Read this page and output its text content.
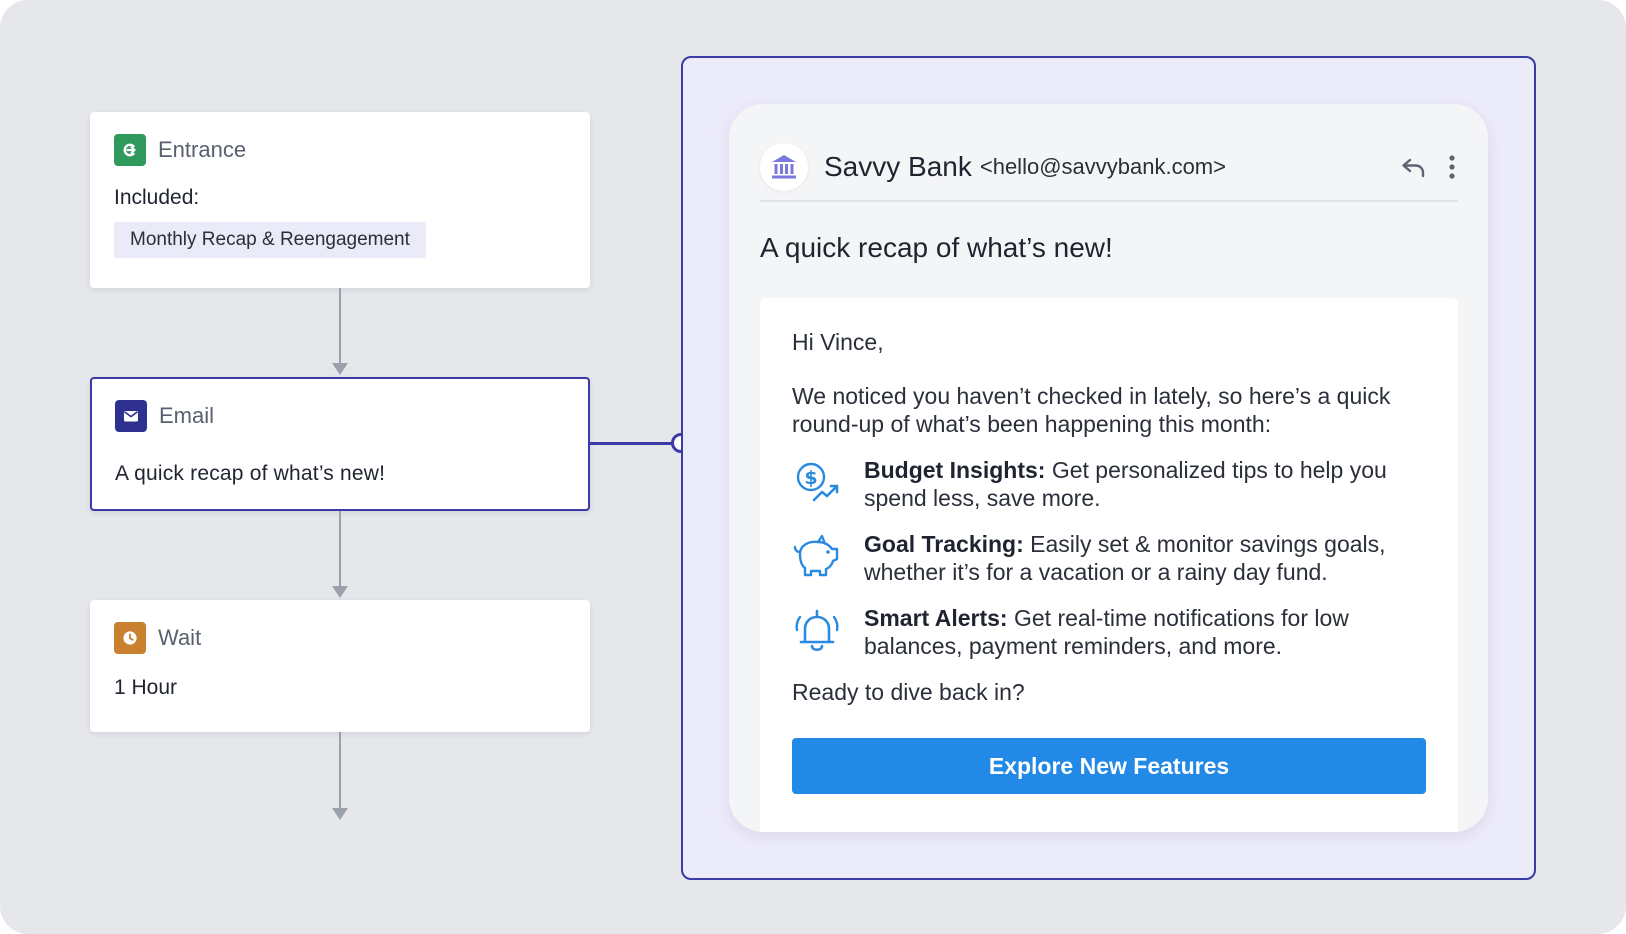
Entrance
Included:
Monthly Recap & Reengagement
Email
A quick recap of what’s new!
Wait
1 Hour
Savvy Bank <hello@savvybank.com>
A quick recap of what’s new!

Hi Vince,

We noticed you haven’t checked in lately, so here’s a quick round-up of what’s been happening this month:

$ Budget Insights: Get personalized tips to help you spend less, save more.
Goal Tracking: Easily set & monitor savings goals, whether it’s for a vacation or a rainy day fund.
Smart Alerts: Get real-time notifications for low balances, payment reminders, and more.

Ready to dive back in?

Explore New Features
